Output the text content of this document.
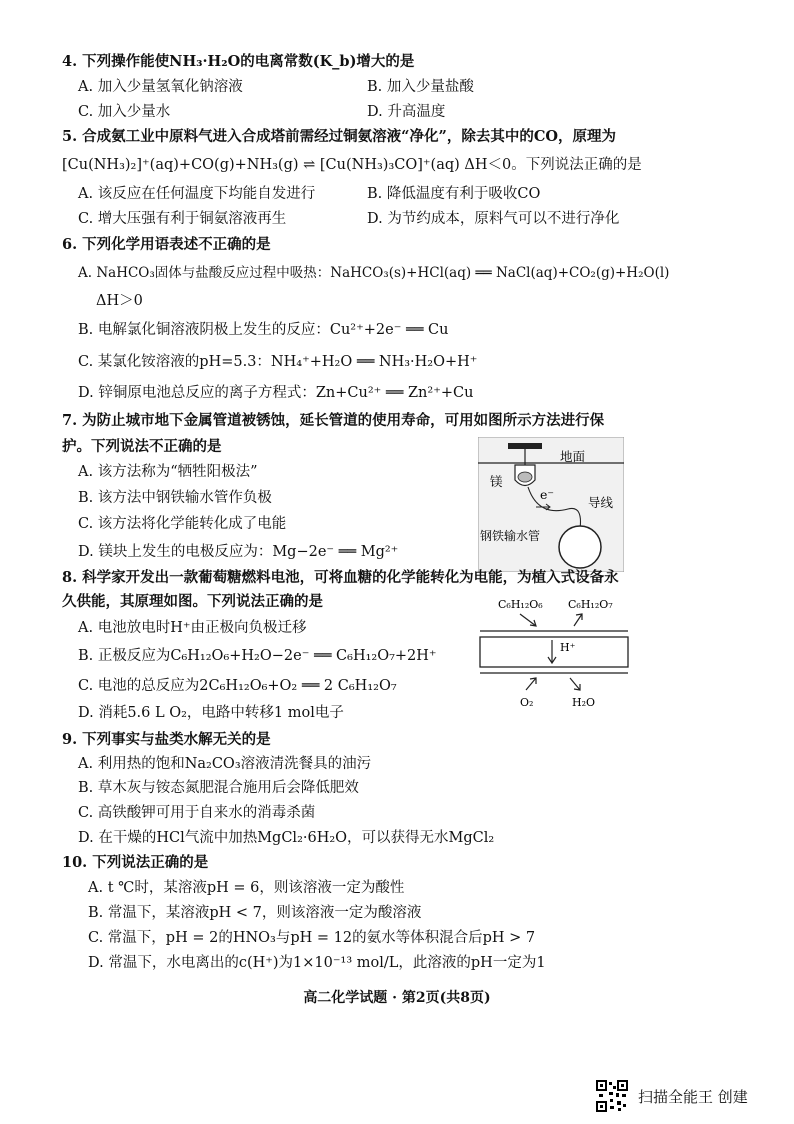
4. 下列操作能使NH₃·H₂O的电离常数(K_b)增大的是
A. 加入少量氢氧化钠溶液	B. 加入少量盐酸
C. 加入少量水	D. 升高温度
5. 合成氨工业中原料气进入合成塔前需经过铜氨溶液“净化”，除去其中的CO，原理为
[Cu(NH₃)₂]⁺(aq)+CO(g)+NH₃(g) ⇌ [Cu(NH₃)₃CO]⁺(aq) ΔH＜0。下列说法正确的是
A. 该反应在任何温度下均能自发进行	B. 降低温度有利于吸收CO
C. 增大压强有利于铜氨溶液再生	D. 为节约成本，原料气可以不进行净化
6. 下列化学用语表述不正确的是
A. NaHCO₃固体与盐酸反应过程中吸热：NaHCO₃(s)+HCl(aq) ══ NaCl(aq)+CO₂(g)+H₂O(l)
ΔH＞0
B. 电解氯化铜溶液阴极上发生的反应：Cu²⁺+2e⁻ ══ Cu
C. 某氯化铵溶液的pH=5.3：NH₄⁺+H₂O ══ NH₃·H₂O+H⁺
D. 锌铜原电池总反应的离子方程式：Zn+Cu²⁺ ══ Zn²⁺+Cu
7. 为防止城市地下金属管道被锈蚀，延长管道的使用寿命，可用如图所示方法进行保
护。下列说法不正确的是
A. 该方法称为“牺牲阳极法”
B. 该方法中钢铁输水管作负极
C. 该方法将化学能转化成了电能
D. 镁块上发生的电极反应为：Mg−2e⁻ ══ Mg²⁺
镁
地面
e⁻
导线
钢铁输水管
8. 科学家开发出一款葡萄糖燃料电池，可将血糖的化学能转化为电能，为植入式设备永
久供能，其原理如图。下列说法正确的是
A. 电池放电时H⁺由正极向负极迁移
B. 正极反应为C₆H₁₂O₆+H₂O−2e⁻ ══ C₆H₁₂O₇+2H⁺
C. 电池的总反应为2C₆H₁₂O₆+O₂ ══ 2 C₆H₁₂O₇
D. 消耗5.6 L O₂，电路中转移1 mol电子
C₆H₁₂O₆ C₆H₁₂O₇
H⁺
O₂	H₂O
9. 下列事实与盐类水解无关的是
A. 利用热的饱和Na₂CO₃溶液清洗餐具的油污
B. 草木灰与铵态氮肥混合施用后会降低肥效
C. 高铁酸钾可用于自来水的消毒杀菌
D. 在干燥的HCl气流中加热MgCl₂·6H₂O，可以获得无水MgCl₂
10. 下列说法正确的是
A. t ℃时，某溶液pH = 6，则该溶液一定为酸性
B. 常温下，某溶液pH < 7，则该溶液一定为酸溶液
C. 常温下，pH = 2的HNO₃与pH = 12的氨水等体积混合后pH > 7
D. 常温下，水电离出的c(H⁺)为1×10⁻¹³ mol/L，此溶液的pH一定为1
高二化学试题 · 第2页(共8页)
扫描全能王 创建
